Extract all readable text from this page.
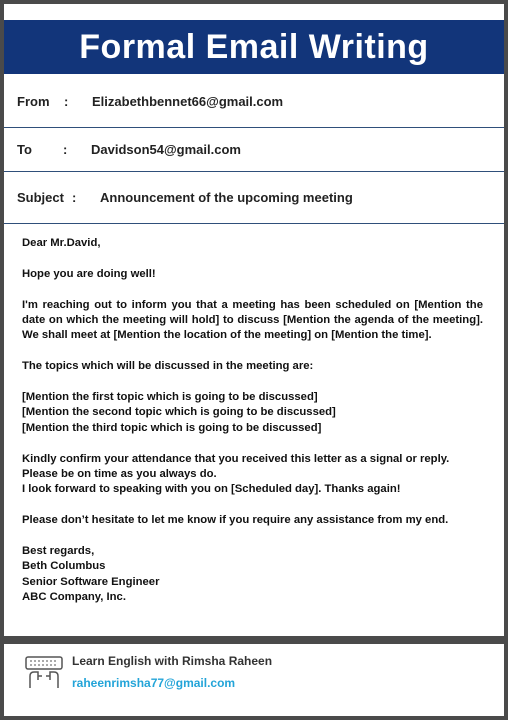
Formal Email Writing
From : Elizabethbennet66@gmail.com
To : Davidson54@gmail.com
Subject : Announcement of the upcoming meeting

Dear Mr.David,

Hope you are doing well!

I'm reaching out to inform you that a meeting has been scheduled on [Mention the date on which the meeting will hold] to discuss [Mention the agenda of the meeting]. We shall meet at [Mention the location of the meeting] on [Mention the time].

The topics which will be discussed in the meeting are:

[Mention the first topic which is going to be discussed]
[Mention the second topic which is going to be discussed]
[Mention the third topic which is going to be discussed]

Kindly confirm your attendance that you received this letter as a signal or reply.
Please be on time as you always do.
I look forward to speaking with you on [Scheduled day]. Thanks again!

Please don’t hesitate to let me know if you require any assistance from my end.

Best regards,
Beth Columbus
Senior Software Engineer
ABC Company, Inc.

Learn English with Rimsha Raheen
raheenrimsha77@gmail.com
